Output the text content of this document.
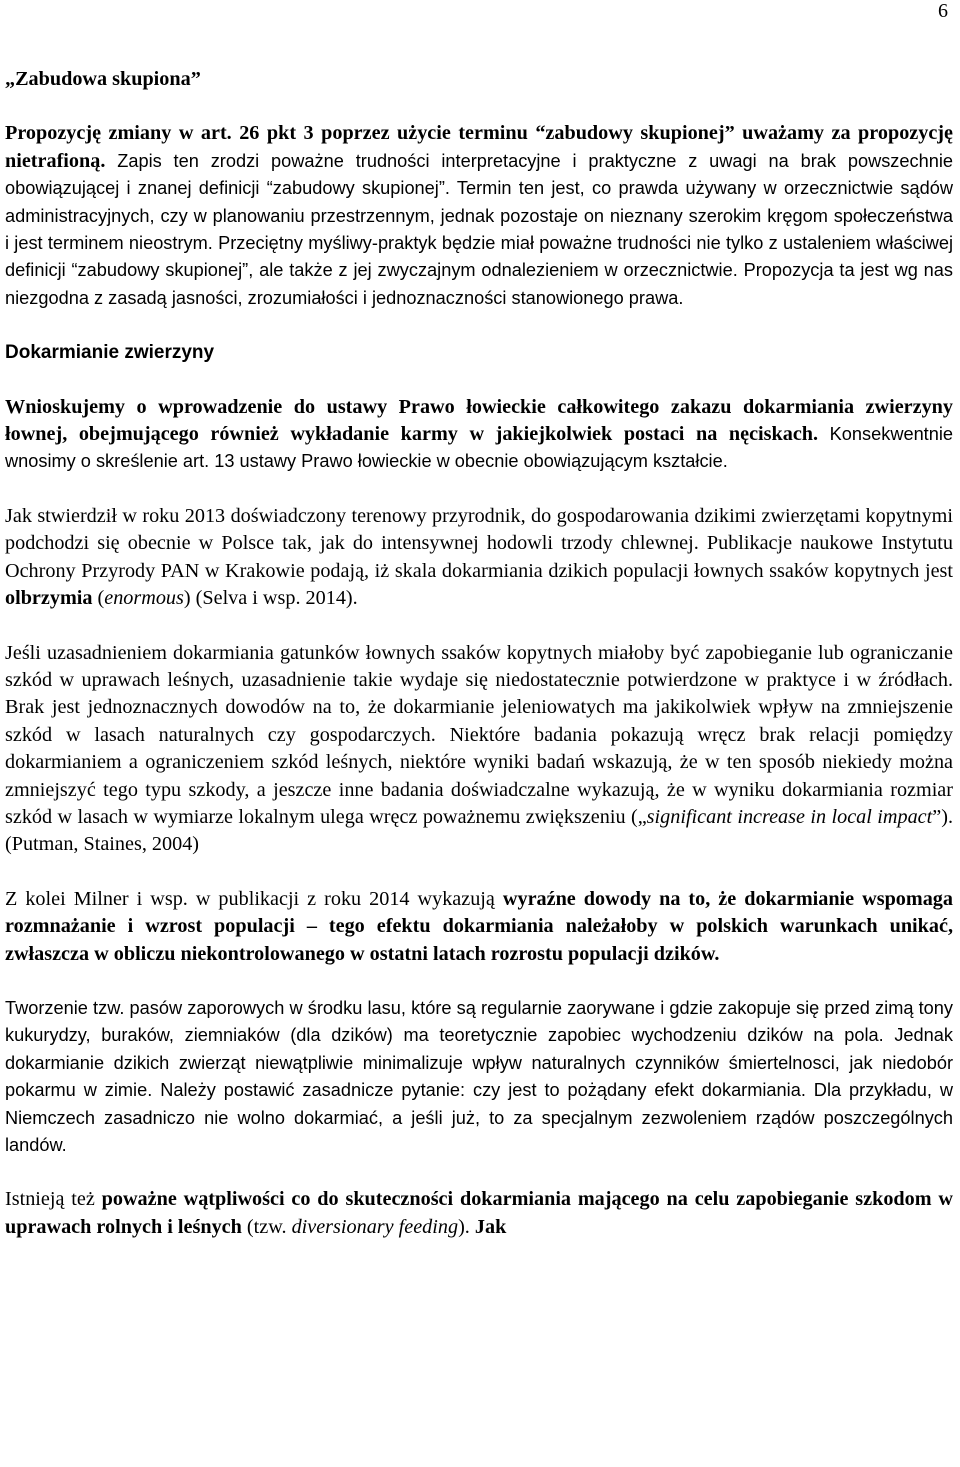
6

„Zabudowa skupiona”

Propozycję zmiany w art. 26 pkt 3 poprzez użycie terminu “zabudowy skupionej” uważamy za propozycję nietrafioną. Zapis ten zrodzi poważne trudności interpretacyjne i praktyczne z uwagi na brak powszechnie obowiązującej i znanej definicji “zabudowy skupionej”. Termin ten jest, co prawda używany w orzecznictwie sądów administracyjnych, czy w planowaniu przestrzennym, jednak pozostaje on nieznany szerokim kręgom społeczeństwa i jest terminem nieostrym. Przeciętny myśliwy-praktyk będzie miał poważne trudności nie tylko z ustaleniem właściwej definicji “zabudowy skupionej”, ale także z jej zwyczajnym odnalezieniem w orzecznictwie. Propozycja ta jest wg nas niezgodna z zasadą jasności, zrozumiałości i jednoznaczności stanowionego prawa.

Dokarmianie zwierzyny

Wnioskujemy o wprowadzenie do ustawy Prawo łowieckie całkowitego zakazu dokarmiania zwierzyny łownej, obejmującego również wykładanie karmy w jakiejkolwiek postaci na nęciskach. Konsekwentnie wnosimy o skreślenie art. 13 ustawy Prawo łowieckie w obecnie obowiązującym kształcie.

Jak stwierdził w roku 2013 doświadczony terenowy przyrodnik, do gospodarowania dzikimi zwierzętami kopytnymi podchodzi się obecnie w Polsce tak, jak do intensywnej hodowli trzody chlewnej. Publikacje naukowe Instytutu Ochrony Przyrody PAN w Krakowie podają, iż skala dokarmiania dzikich populacji łownych ssaków kopytnych jest olbrzymia (enormous) (Selva i wsp. 2014).

Jeśli uzasadnieniem dokarmiania gatunków łownych ssaków kopytnych miałoby być zapobieganie lub ograniczanie szkód w uprawach leśnych, uzasadnienie takie wydaje się niedostatecznie potwierdzone w praktyce i w źródłach. Brak jest jednoznacznych dowodów na to, że dokarmianie jeleniowatych ma jakikolwiek wpływ na zmniejszenie szkód w lasach naturalnych czy gospodarczych. Niektóre badania pokazują wręcz brak relacji pomiędzy dokarmianiem a ograniczeniem szkód leśnych, niektóre wyniki badań wskazują, że w ten sposób niekiedy można zmniejszyć tego typu szkody, a jeszcze inne badania doświadczalne wykazują, że w wyniku dokarmiania rozmiar szkód w lasach w wymiarze lokalnym ulega wręcz poważnemu zwiększeniu („significant increase in local impact”). (Putman, Staines, 2004)

Z kolei Milner i wsp. w publikacji z roku 2014 wykazują wyraźne dowody na to, że dokarmianie wspomaga rozmnażanie i wzrost populacji – tego efektu dokarmiania należałoby w polskich warunkach unikać, zwłaszcza w obliczu niekontrolowanego w ostatni latach rozrostu populacji dzików.

Tworzenie tzw. pasów zaporowych w środku lasu, które są regularnie zaorywane i gdzie zakopuje się przed zimą tony kukurydzy, buraków, ziemniaków (dla dzików) ma teoretycznie zapobiec wychodzeniu dzików na pola. Jednak dokarmianie dzikich zwierząt niewątpliwie minimalizuje wpływ naturalnych czynników śmiertelnosci, jak niedobór pokarmu w zimie. Należy postawić zasadnicze pytanie: czy jest to pożądany efekt dokarmiania. Dla przykładu, w Niemczech zasadniczo nie wolno dokarmiać, a jeśli już, to za specjalnym zezwoleniem rządów poszczególnych landów.

Istnieją też poważne wątpliwości co do skuteczności dokarmiania mającego na celu zapobieganie szkodom w uprawach rolnych i leśnych (tzw. diversionary feeding). Jak
